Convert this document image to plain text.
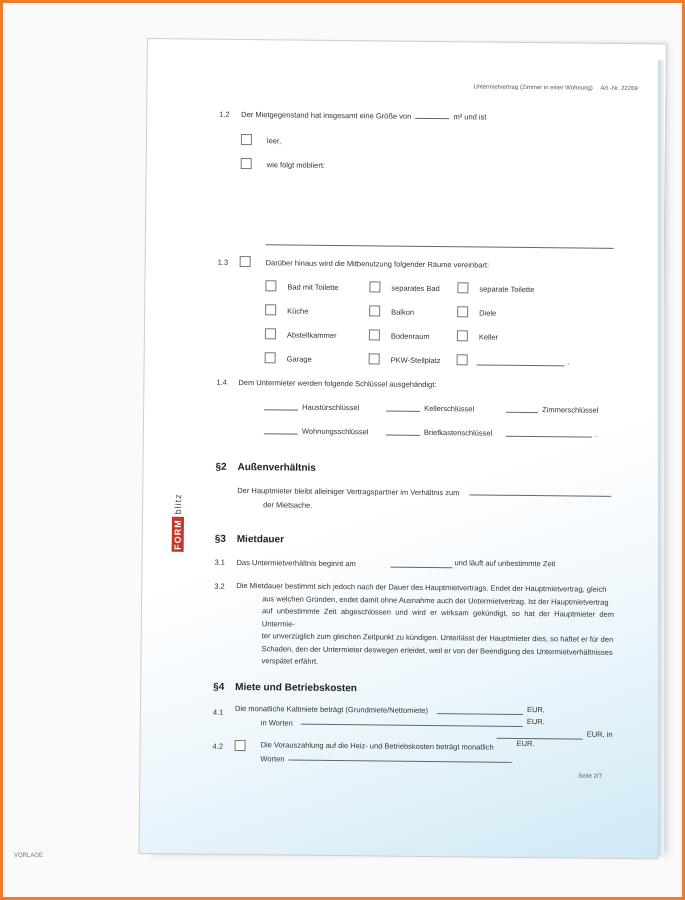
FORM
blitz
Untermietvertrag (Zimmer in einer Wohnung) Art.-Nr. 22269
1.2 Der Mietgegenstand hat insgesamt eine Größe von	m² und ist
leer,
wie folgt möbliert:
1.3	Darüber hinaus wird die Mitbenutzung folgender Räume vereinbart:
Bad mit Toilette	separates Bad	separate Toilette
Küche	Balkon	Diele
Abstellkammer	Bodenraum	Keller
Garage	PKW-Stellplatz	.
1.4 Dem Untermieter werden folgende Schlüssel ausgehändigt:
Haustürschlüssel	Kellerschlüssel	Zimmerschlüssel
Wohnungsschlüssel	Briefkastenschlüssel	.
§2 Außenverhältnis
Der Hauptmieter bleibt alleiniger Vertragspartner im Verhältnis zum
der Mietsache.
§3 Mietdauer
3.1 Das Untermietverhältnis beginnt am	und läuft auf unbestimmte Zeit
3.2 Die Mietdauer bestimmt sich jedoch nach der Dauer des Hauptmietvertrags. Endet der Hauptmietvertrag, gleich
aus welchen Gründen, endet damit ohne Ausnahme auch der Untermietvertrag. Ist der Hauptmietvertrag
auf unbestimmte Zeit abgeschlossen und wird er wirksam gekündigt, so hat der Hauptmieter dem Untermie-
ter unverzüglich zum gleichen Zeitpunkt zu kündigen. Unterlässt der Hauptmieter dies, so haftet er für den
Schaden, den der Untermieter deswegen erleidet, weil er von der Beendigung des Untermietverhältnisses
verspätet erfährt.
§4 Miete und Betriebskosten
4.1 Die monatliche Kaltmiete beträgt (Grundmiete/Nettomiete)	EUR,
in Worten	EUR.
EUR, in
4.2	Die Vorauszahlung auf die Heiz- und Betriebskosten beträgt monatlich
Worten
EUR.
Seite 2/7
VORLAGE
